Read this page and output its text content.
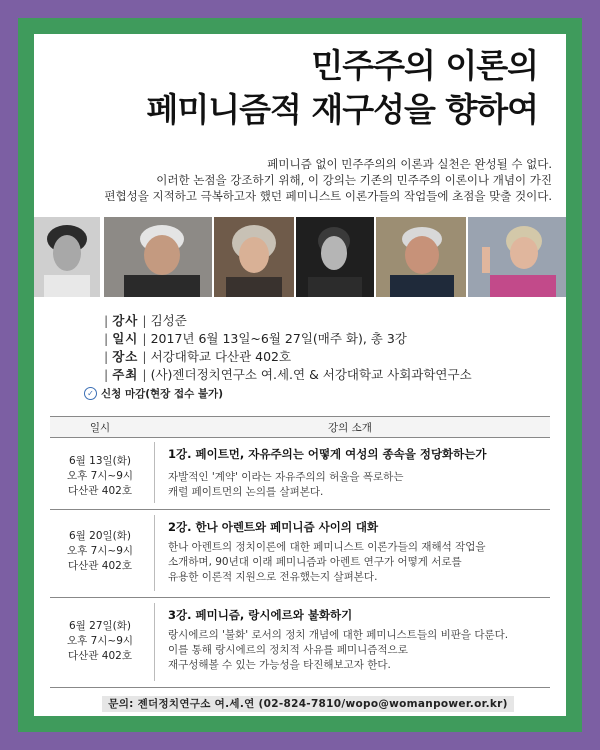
민주주의 이론의
페미니즘적 재구성을 향하여
페미니즘 없이 민주주의의 이론과 실천은 완성될 수 없다.
이러한 논점을 강조하기 위해, 이 강의는 기존의 민주주의 이론이나 개념이 가진
편협성을 지적하고 극복하고자 했던 페미니스트 이론가들의 작업들에 초점을 맞출 것이다.
| 강사 | 김성준
| 일시 | 2017년 6월 13일~6월 27일(매주 화), 총 3강
| 장소 | 서강대학교 다산관 402호
| 주최 | (사)젠더정치연구소 여.세.연 & 서강대학교 사회과학연구소
✓ 신청 마감(현장 접수 불가)
일시	강의 소개
6월 13일(화)
오후 7시~9시
다산관 402호
1강. 페이트먼, 자유주의는 어떻게 여성의 종속을 정당화하는가
자발적인 '계약' 이라는 자유주의의 허울을 폭로하는
캐럴 페이트먼의 논의를 살펴본다.
6월 20일(화)
오후 7시~9시
다산관 402호
2강. 한나 아렌트와 페미니즘 사이의 대화
한나 아렌트의 정치이론에 대한 페미니스트 이론가들의 재해석 작업을
소개하며, 90년대 이래 페미니즘과 아렌트 연구가 어떻게 서로를
유용한 이론적 지원으로 전유했는지 살펴본다.
6월 27일(화)
오후 7시~9시
다산관 402호
3강. 페미니즘, 랑시에르와 불화하기
랑시에르의 '불화' 로서의 정치 개념에 대한 페미니스트들의 비판을 다룬다.
이를 통해 랑시에르의 정치적 사유를 페미니즘적으로
재구성해볼 수 있는 가능성을 타진해보고자 한다.
문의: 젠더정치연구소 여.세.연 (02-824-7810/wopo@womanpower.or.kr)
